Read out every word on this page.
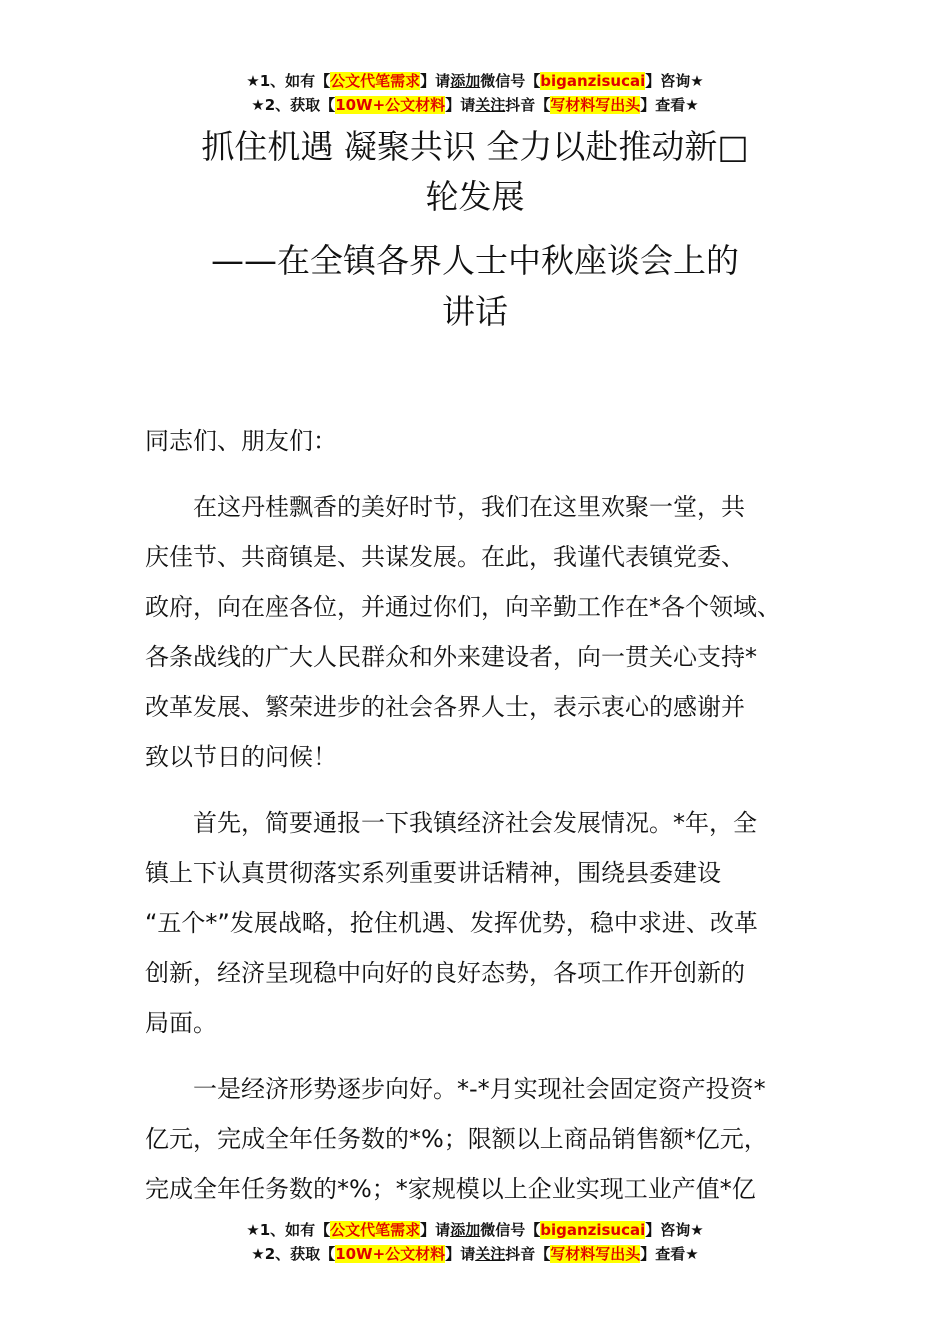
★1、如有【公文代笔需求】请添加微信号【biganzisucai】咨询★
★2、获取【10W+公文材料】请关注抖音【写材料写出头】查看★
抓住机遇 凝聚共识 全力以赴推动新□
轮发展
——在全镇各界人士中秋座谈会上的
讲话
同志们、朋友们：
　　在这丹桂飘香的美好时节，我们在这里欢聚一堂，共
庆佳节、共商镇是、共谋发展。在此，我谨代表镇党委、
政府，向在座各位，并通过你们，向辛勤工作在*各个领域、
各条战线的广大人民群众和外来建设者，向一贯关心支持*
改革发展、繁荣进步的社会各界人士，表示衷心的感谢并
致以节日的问候！
　　首先，简要通报一下我镇经济社会发展情况。*年，全
镇上下认真贯彻落实系列重要讲话精神，围绕县委建设
“五个*”发展战略，抢住机遇、发挥优势，稳中求进、改革
创新，经济呈现稳中向好的良好态势，各项工作开创新的
局面。
　　一是经济形势逐步向好。*-*月实现社会固定资产投资*
亿元，完成全年任务数的*%；限额以上商品销售额*亿元，
完成全年任务数的*%；*家规模以上企业实现工业产值*亿
★1、如有【公文代笔需求】请添加微信号【biganzisucai】咨询★
★2、获取【10W+公文材料】请关注抖音【写材料写出头】查看★
